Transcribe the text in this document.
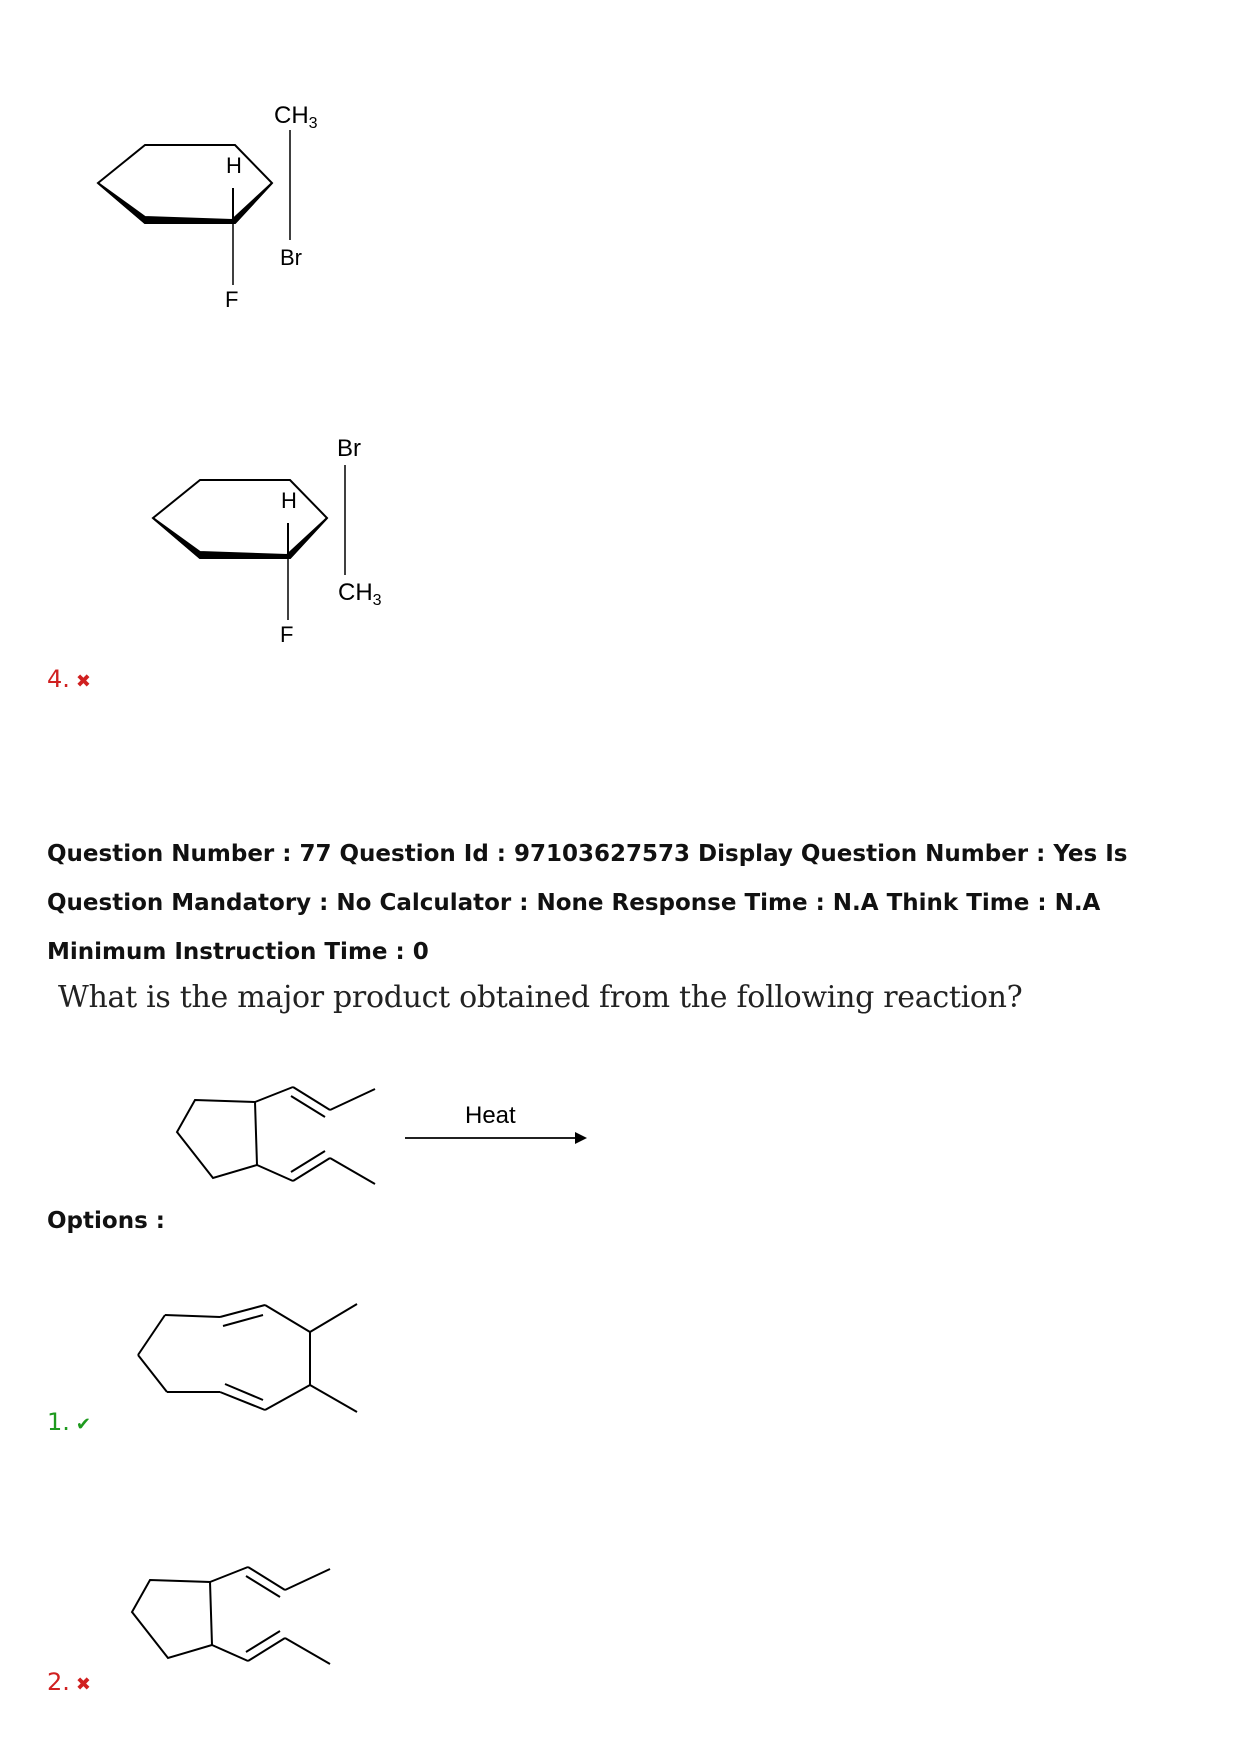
$CH_3$
H
Br
F
Br
H
$CH_3$
F
4. ✖
Question Number : 77 Question Id : 97103627573 Display Question Number : Yes Is Question Mandatory : No Calculator : None Response Time : N.A Think Time : N.A Minimum Instruction Time : 0
What is the major product obtained from the following reaction?
Heat
Options :
1. ✔
2. ✖
